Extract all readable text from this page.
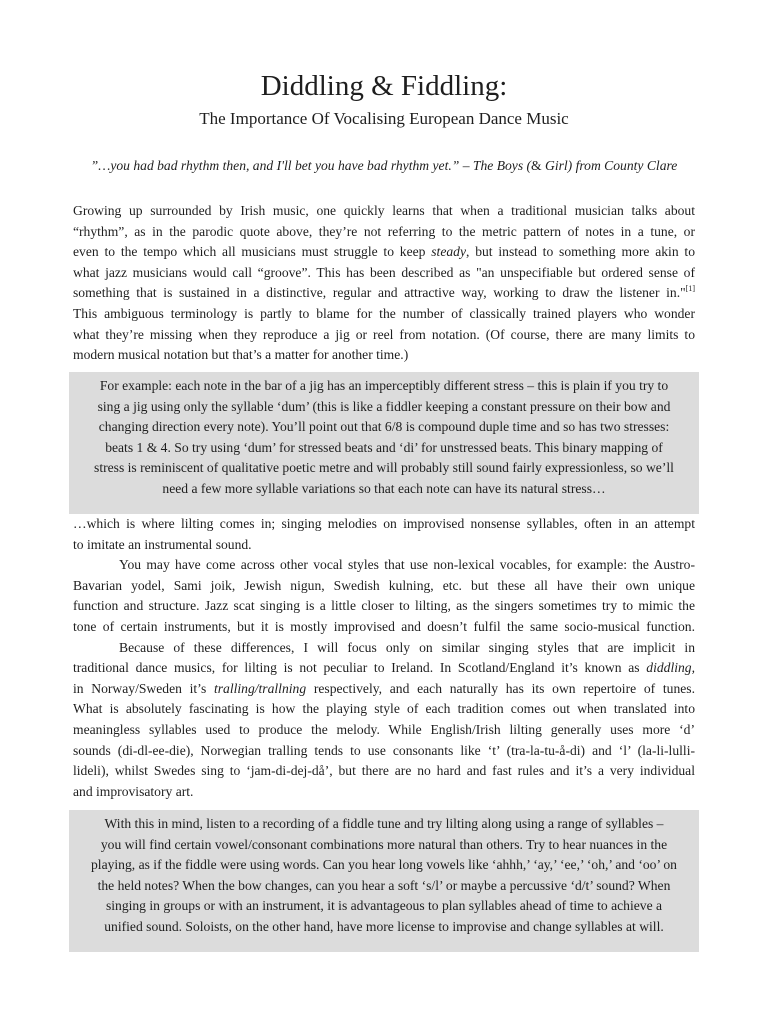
Diddling & Fiddling:
The Importance Of Vocalising European Dance Music
”…you had bad rhythm then, and I'll bet you have bad rhythm yet.” – The Boys (& Girl) from County Clare
Growing up surrounded by Irish music, one quickly learns that when a traditional musician talks about
“rhythm”, as in the parodic quote above, they’re not referring to the metric pattern of notes in a tune, or
even to the tempo which all musicians must struggle to keep steady, but instead to something more akin to
what jazz musicians would call “groove”. This has been described as "an unspecifiable but ordered sense of
something that is sustained in a distinctive, regular and attractive way, working to draw the listener in."[1]
This ambiguous terminology is partly to blame for the number of classically trained players who wonder
what they’re missing when they reproduce a jig or reel from notation. (Of course, there are many limits to
modern musical notation but that’s a matter for another time.)
For example: each note in the bar of a jig has an imperceptibly different stress – this is plain if you try to
sing a jig using only the syllable ‘dum’ (this is like a fiddler keeping a constant pressure on their bow and
changing direction every note). You’ll point out that 6/8 is compound duple time and so has two stresses:
beats 1 & 4. So try using ‘dum’ for stressed beats and ‘di’ for unstressed beats. This binary mapping of
stress is reminiscent of qualitative poetic metre and will probably still sound fairly expressionless, so we’ll
need a few more syllable variations so that each note can have its natural stress…
…which is where lilting comes in; singing melodies on improvised nonsense syllables, often in an attempt
to imitate an instrumental sound.
You may have come across other vocal styles that use non-lexical vocables, for example: the Austro-
Bavarian yodel, Sami joik, Jewish nigun, Swedish kulning, etc. but these all have their own unique
function and structure. Jazz scat singing is a little closer to lilting, as the singers sometimes try to mimic the
tone of certain instruments, but it is mostly improvised and doesn’t fulfil the same socio-musical function.
Because of these differences, I will focus only on similar singing styles that are implicit in
traditional dance musics, for lilting is not peculiar to Ireland. In Scotland/England it’s known as diddling,
in Norway/Sweden it’s tralling/trallning respectively, and each naturally has its own repertoire of tunes.
What is absolutely fascinating is how the playing style of each tradition comes out when translated into
meaningless syllables used to produce the melody. While English/Irish lilting generally uses more ‘d’
sounds (di-dl-ee-die), Norwegian tralling tends to use consonants like ‘t’ (tra-la-tu-å-di) and ‘l’ (la-li-lulli-
lideli), whilst Swedes sing to ‘jam-di-dej-då’, but there are no hard and fast rules and it’s a very individual
and improvisatory art.
With this in mind, listen to a recording of a fiddle tune and try lilting along using a range of syllables –
you will find certain vowel/consonant combinations more natural than others. Try to hear nuances in the
playing, as if the fiddle were using words. Can you hear long vowels like ‘ahhh,’ ‘ay,’ ‘ee,’ ‘oh,’ and ‘oo’ on
the held notes? When the bow changes, can you hear a soft ‘s/l’ or maybe a percussive ‘d/t’ sound? When
singing in groups or with an instrument, it is advantageous to plan syllables ahead of time to achieve a
unified sound. Soloists, on the other hand, have more license to improvise and change syllables at will.
